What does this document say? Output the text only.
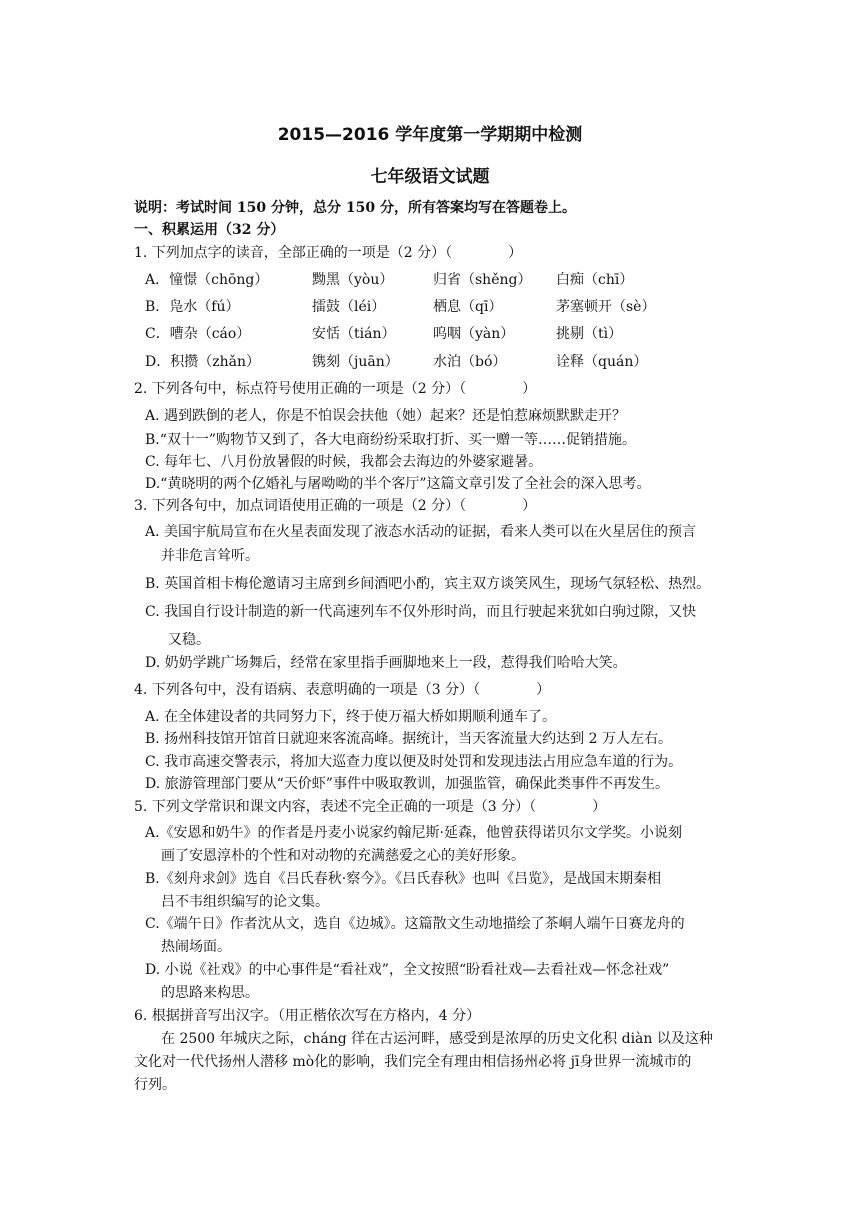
2015—2016 学年度第一学期期中检测
七年级语文试题
说明：考试时间 150 分钟，总分 150 分，所有答案均写在答题卷上。
一、积累运用（32 分）
1. 下列加点字的读音，全部正确的一项是（2 分）（　　　　）
A．憧憬（chōng）	黝黑（yòu）	归省（shěng） 白痴（chī）
B．凫水（fú）	擂鼓（léi）	栖息（qī）	茅塞顿开（sè）
C．嘈杂（cáo）	安恬（tián）	呜咽（yàn）	挑剔（tì）
D．积攒（zhǎn）	镌刻（juān） 水泊（bó）	诠释（quán）
2. 下列各句中，标点符号使用正确的一项是（2 分）（　　　　）
A. 遇到跌倒的老人，你是不怕误会扶他（她）起来？还是怕惹麻烦默默走开？
B.“双十一”购物节又到了，各大电商纷纷采取打折、买一赠一等……促销措施。
C. 每年七、八月份放暑假的时候，我都会去海边的外婆家避暑。
D.“黄晓明的两个亿婚礼与屠呦呦的半个客厅”这篇文章引发了全社会的深入思考。
3. 下列各句中，加点词语使用正确的一项是（2 分）（　　　　）
A. 美国宇航局宣布在火星表面发现了液态水活动的证据，看来人类可以在火星居住的预言
并非危言耸听。
B. 英国首相卡梅伦邀请习主席到乡间酒吧小酌，宾主双方谈笑风生，现场气氛轻松、热烈。
C. 我国自行设计制造的新一代高速列车不仅外形时尚，而且行驶起来犹如白驹过隙，又快
又稳。
D. 奶奶学跳广场舞后，经常在家里指手画脚地来上一段，惹得我们哈哈大笑。
4. 下列各句中，没有语病、表意明确的一项是（3 分）（　　　　）
A. 在全体建设者的共同努力下，终于使万福大桥如期顺利通车了。
B. 扬州科技馆开馆首日就迎来客流高峰。据统计，当天客流量大约达到 2 万人左右。
C. 我市高速交警表示，将加大巡查力度以便及时处罚和发现违法占用应急车道的行为。
D. 旅游管理部门要从“天价虾”事件中吸取教训，加强监管，确保此类事件不再发生。
5. 下列文学常识和课文内容，表述不完全正确的一项是（3 分）（　　　　）
A.《安恩和奶牛》的作者是丹麦小说家约翰尼斯·延森，他曾获得诺贝尔文学奖。小说刻
画了安恩淳朴的个性和对动物的充满慈爱之心的美好形象。
B.《刻舟求剑》选自《吕氏春秋·察今》。《吕氏春秋》也叫《吕览》，是战国末期秦相
吕不韦组织编写的论文集。
C.《端午日》作者沈从文，选自《边城》。这篇散文生动地描绘了茶峒人端午日赛龙舟的
热闹场面。
D. 小说《社戏》的中心事件是“看社戏”，全文按照“盼看社戏—去看社戏—怀念社戏”
的思路来构思。
6. 根据拼音写出汉字。（用正楷依次写在方格内，4 分）
在 2500 年城庆之际，cháng 徉在古运河畔，感受到是浓厚的历史文化积 diàn 以及这种
文化对一代代扬州人潜移 mò化的影响，我们完全有理由相信扬州必将 jī身世界一流城市的
行列。
